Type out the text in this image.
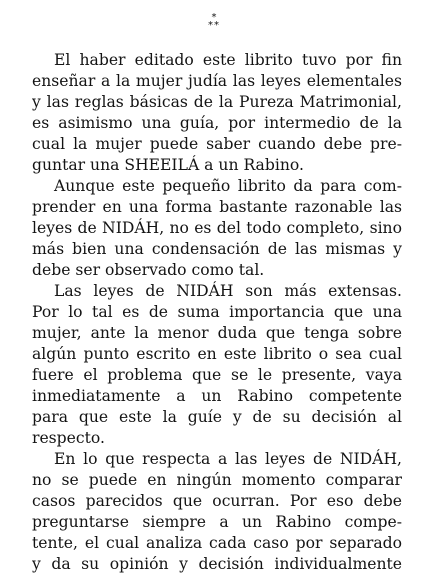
*
**
El haber editado este librito tuvo por fin
enseñar a la mujer judía las leyes elementales
y las reglas básicas de la Pureza Matrimonial,
es asimismo una guía, por intermedio de la
cual la mujer puede saber cuando debe pre-
guntar una SHEEILÁ a un Rabino.
Aunque este pequeño librito da para com-
prender en una forma bastante razonable las
leyes de NIDÁH, no es del todo completo, sino
más bien una condensación de las mismas y
debe ser observado como tal.
Las leyes de NIDÁH son más extensas.
Por lo tal es de suma importancia que una
mujer, ante la menor duda que tenga sobre
algún punto escrito en este librito o sea cual
fuere el problema que se le presente, vaya
inmediatamente a un Rabino competente
para que este la guíe y de su decisión al
respecto.
En lo que respecta a las leyes de NIDÁH,
no se puede en ningún momento comparar
casos parecidos que ocurran. Por eso debe
preguntarse siempre a un Rabino compe-
tente, el cual analiza cada caso por separado
y da su opinión y decisión individualmente
